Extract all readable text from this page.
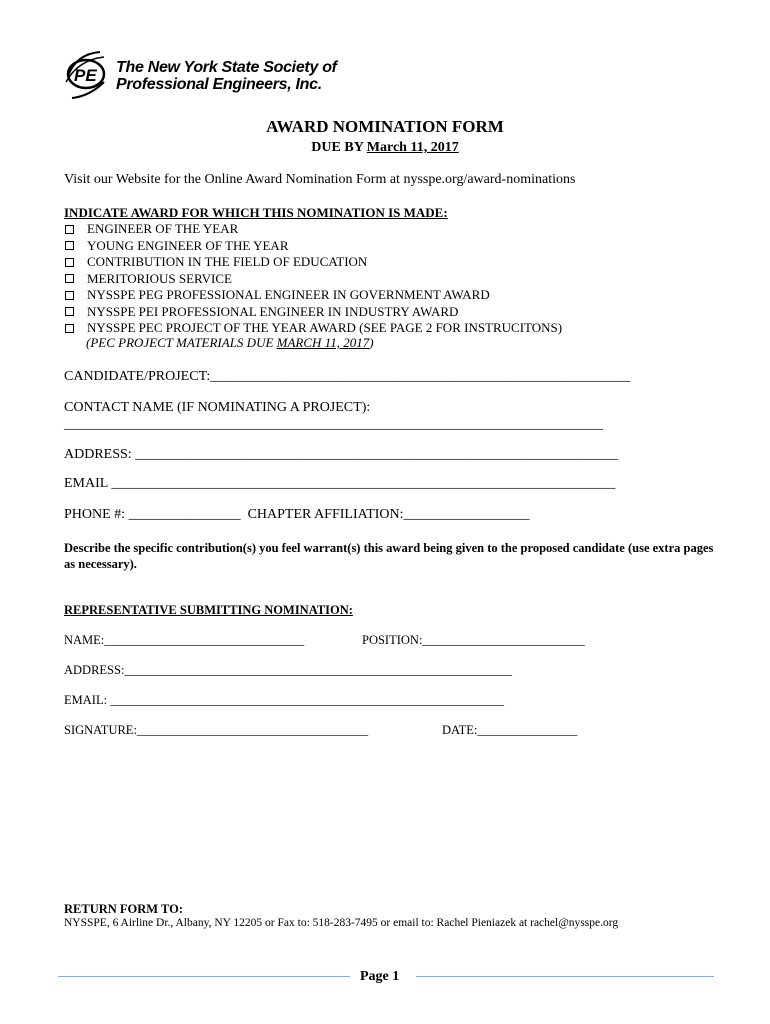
PE The New York State Society of
Professional Engineers, Inc.
AWARD NOMINATION FORM
DUE BY March 11, 2017
Visit our Website for the Online Award Nomination Form at nysspe.org/award-nominations
INDICATE AWARD FOR WHICH THIS NOMINATION IS MADE:
ENGINEER OF THE YEAR
YOUNG ENGINEER OF THE YEAR
CONTRIBUTION IN THE FIELD OF EDUCATION
MERITORIOUS SERVICE
NYSSPE PEG PROFESSIONAL ENGINEER IN GOVERNMENT AWARD
NYSSPE PEI PROFESSIONAL ENGINEER IN INDUSTRY AWARD
NYSSPE PEC PROJECT OF THE YEAR AWARD (SEE PAGE 2 FOR INSTRUCITONS)
(PEC PROJECT MATERIALS DUE MARCH 11, 2017)
CANDIDATE/PROJECT:____________________________________________________________
CONTACT NAME (IF NOMINATING A PROJECT):
_____________________________________________________________________________
ADDRESS: _____________________________________________________________________
EMAIL ________________________________________________________________________
PHONE #: ________________ CHAPTER AFFILIATION:__________________
Describe the specific contribution(s) you feel warrant(s) this award being given to the proposed candidate (use extra pages as necessary).
REPRESENTATIVE SUBMITTING NOMINATION:
NAME:________________________________	POSITION:__________________________
ADDRESS:______________________________________________________________
EMAIL: _______________________________________________________________
SIGNATURE:_____________________________________	DATE:________________
RETURN FORM TO:
NYSSPE, 6 Airline Dr., Albany, NY 12205 or Fax to: 518-283-7495 or email to: Rachel Pieniazek at rachel@nysspe.org
Page 1
